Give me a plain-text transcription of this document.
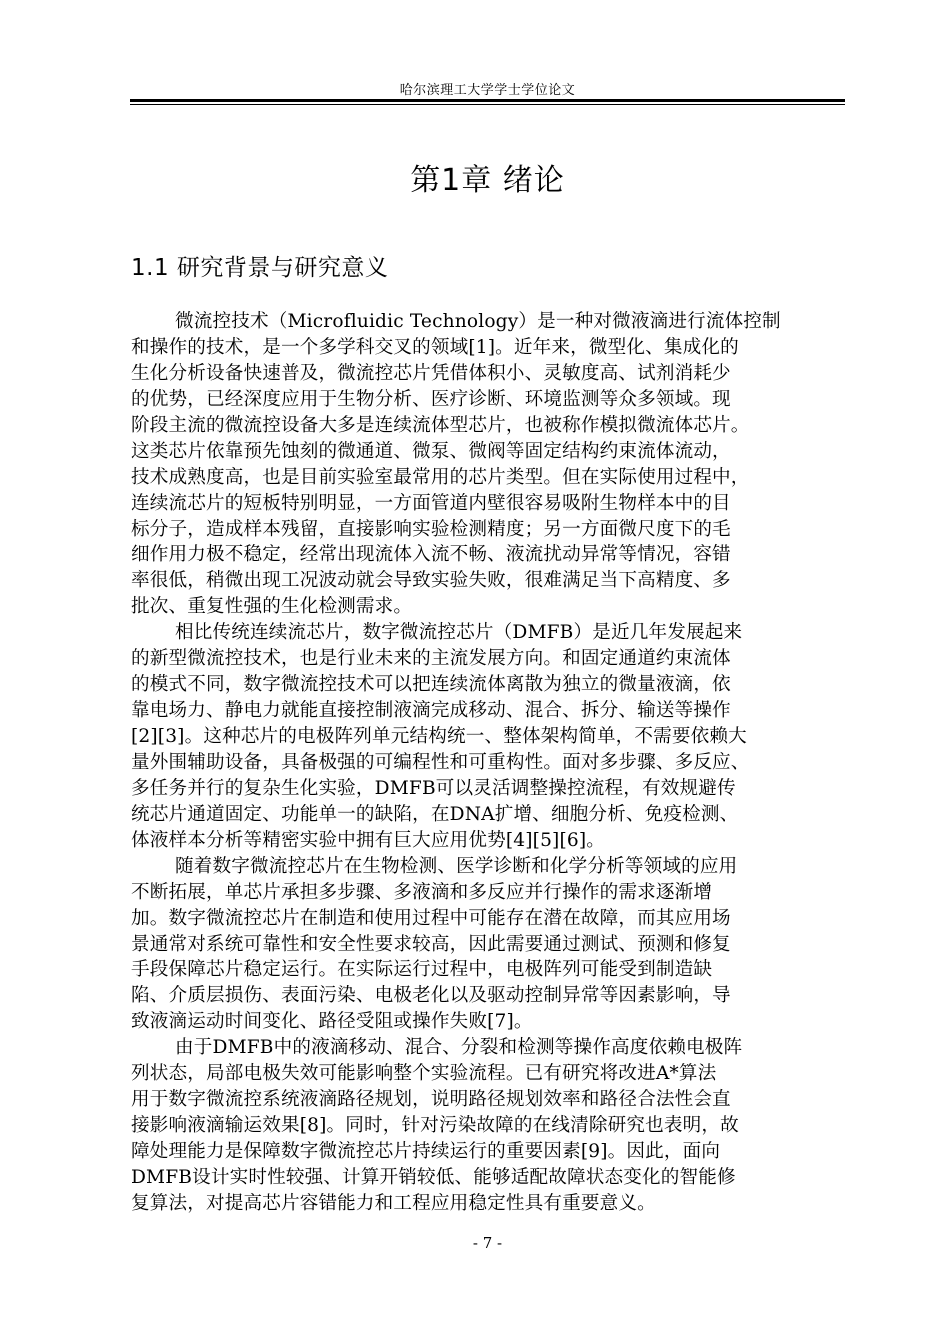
哈尔滨理工大学学士学位论文
第1章 绪论
1.1 研究背景与研究意义
微流控技术（Microfluidic Technology）是一种对微液滴进行流体控制
和操作的技术，是一个多学科交叉的领域[1]。近年来，微型化、集成化的
生化分析设备快速普及，微流控芯片凭借体积小、灵敏度高、试剂消耗少
的优势，已经深度应用于生物分析、医疗诊断、环境监测等众多领域。现
阶段主流的微流控设备大多是连续流体型芯片，也被称作模拟微流体芯片。
这类芯片依靠预先蚀刻的微通道、微泵、微阀等固定结构约束流体流动，
技术成熟度高，也是目前实验室最常用的芯片类型。但在实际使用过程中，
连续流芯片的短板特别明显，一方面管道内壁很容易吸附生物样本中的目
标分子，造成样本残留，直接影响实验检测精度；另一方面微尺度下的毛
细作用力极不稳定，经常出现流体入流不畅、液流扰动异常等情况，容错
率很低，稍微出现工况波动就会导致实验失败，很难满足当下高精度、多
批次、重复性强的生化检测需求。
相比传统连续流芯片，数字微流控芯片（DMFB）是近几年发展起来
的新型微流控技术，也是行业未来的主流发展方向。和固定通道约束流体
的模式不同，数字微流控技术可以把连续流体离散为独立的微量液滴，依
靠电场力、静电力就能直接控制液滴完成移动、混合、拆分、输送等操作
[2][3]。这种芯片的电极阵列单元结构统一、整体架构简单，不需要依赖大
量外围辅助设备，具备极强的可编程性和可重构性。面对多步骤、多反应、
多任务并行的复杂生化实验，DMFB可以灵活调整操控流程，有效规避传
统芯片通道固定、功能单一的缺陷，在DNA扩增、细胞分析、免疫检测、
体液样本分析等精密实验中拥有巨大应用优势[4][5][6]。
随着数字微流控芯片在生物检测、医学诊断和化学分析等领域的应用
不断拓展，单芯片承担多步骤、多液滴和多反应并行操作的需求逐渐增
加。数字微流控芯片在制造和使用过程中可能存在潜在故障，而其应用场
景通常对系统可靠性和安全性要求较高，因此需要通过测试、预测和修复
手段保障芯片稳定运行。在实际运行过程中，电极阵列可能受到制造缺
陷、介质层损伤、表面污染、电极老化以及驱动控制异常等因素影响，导
致液滴运动时间变化、路径受阻或操作失败[7]。
由于DMFB中的液滴移动、混合、分裂和检测等操作高度依赖电极阵
列状态，局部电极失效可能影响整个实验流程。已有研究将改进A*算法
用于数字微流控系统液滴路径规划，说明路径规划效率和路径合法性会直
接影响液滴输运效果[8]。同时，针对污染故障的在线清除研究也表明，故
障处理能力是保障数字微流控芯片持续运行的重要因素[9]。因此，面向
DMFB设计实时性较强、计算开销较低、能够适配故障状态变化的智能修
复算法，对提高芯片容错能力和工程应用稳定性具有重要意义。
- 7 -
